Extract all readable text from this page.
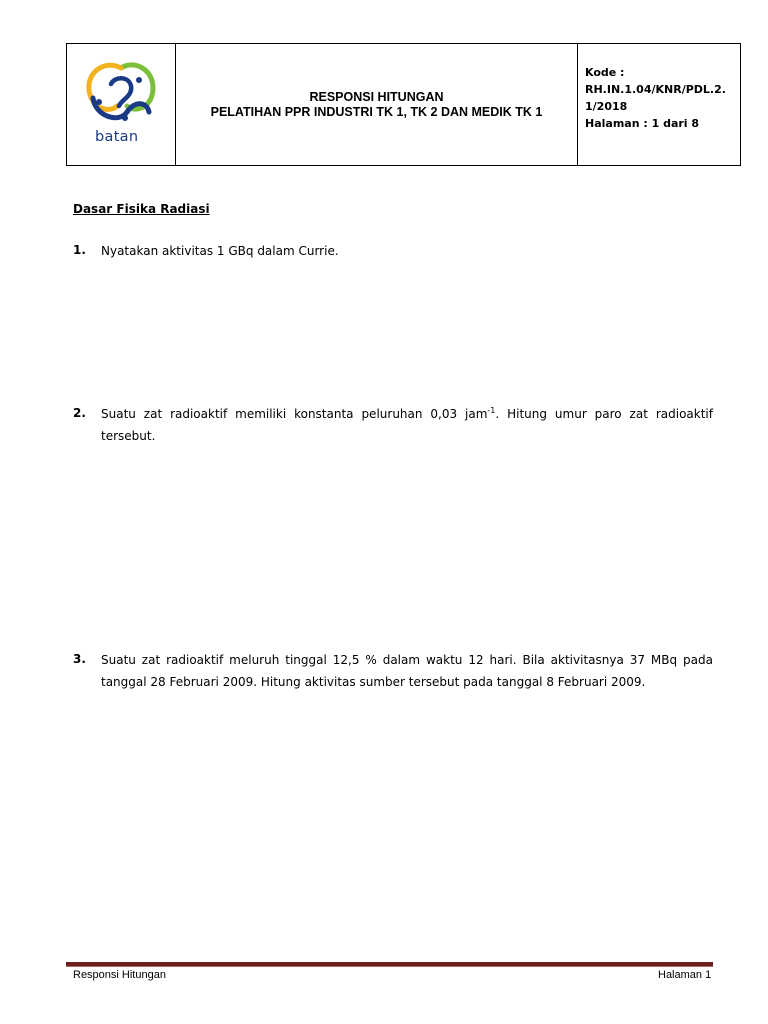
batan
RESPONSI HITUNGAN
PELATIHAN PPR INDUSTRI TK 1, TK 2 DAN MEDIK TK 1
Kode :
RH.IN.1.04/KNR/PDL.2.
1/2018
Halaman : 1 dari 8
Dasar Fisika Radiasi
1. Nyatakan aktivitas 1 GBq dalam Currie.
2. Suatu zat radioaktif memiliki konstanta peluruhan 0,03 jam$^{-1}$. Hitung umur paro zat radioaktif tersebut.
3. Suatu zat radioaktif meluruh tinggal 12,5 % dalam waktu 12 hari. Bila aktivitasnya 37 MBq pada tanggal 28 Februari 2009. Hitung aktivitas sumber tersebut pada tanggal 8 Februari 2009.
Responsi Hitungan	Halaman 1
